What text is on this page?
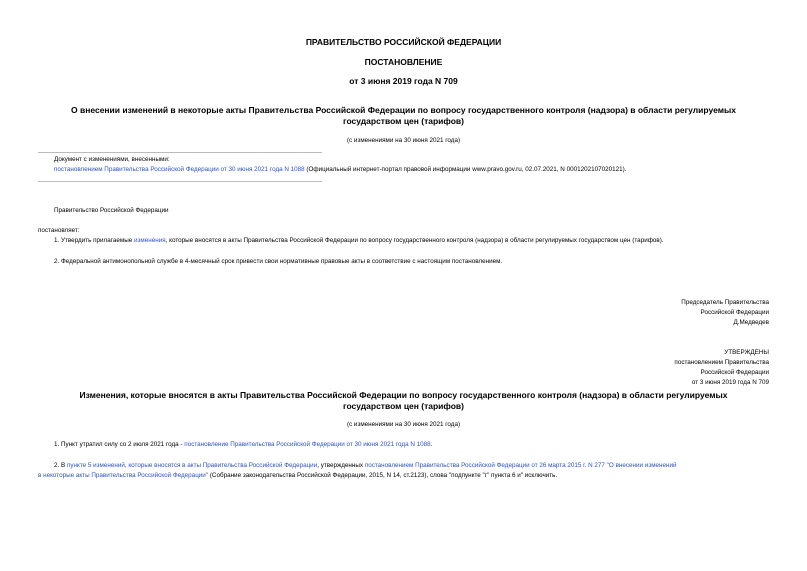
ПРАВИТЕЛЬСТВО РОССИЙСКОЙ ФЕДЕРАЦИИ
ПОСТАНОВЛЕНИЕ
от 3 июня 2019 года N 709
О внесении изменений в некоторые акты Правительства Российской Федерации по вопросу государственного контроля (надзора) в области регулируемых
государством цен (тарифов)
(с изменениями на 30 июня 2021 года)
Документ с изменениями, внесенными:
постановлением Правительства Российской Федерации от 30 июня 2021 года N 1088 (Официальный интернет-портал правовой информации www.pravo.gov.ru, 02.07.2021, N 0001202107020121).
Правительство Российской Федерации
постановляет:
1. Утвердить прилагаемые изменения, которые вносятся в акты Правительства Российской Федерации по вопросу государственного контроля (надзора) в области регулируемых государством цен (тарифов).
2. Федеральной антимонопольной службе в 4-месячный срок привести свои нормативные правовые акты в соответствие с настоящим постановлением.
Председатель Правительства
Российской Федерации
Д.Медведев
УТВЕРЖДЕНЫ
постановлением Правительства
Российской Федерации
от 3 июня 2019 года N 709
Изменения, которые вносятся в акты Правительства Российской Федерации по вопросу государственного контроля (надзора) в области регулируемых
государством цен (тарифов)
(с изменениями на 30 июня 2021 года)
1. Пункт утратил силу со 2 июля 2021 года - постановление Правительства Российской Федерации от 30 июня 2021 года N 1088.
2. В пункте 5 изменений, которые вносятся в акты Правительства Российской Федерации, утвержденных постановлением Правительства Российской Федерации от 26 марта 2015 г. N 277 "О внесении изменений
в некоторые акты Правительства Российской Федерации" (Собрание законодательства Российской Федерации, 2015, N 14, ст.2123), слова "подпункте "г" пункта 6 и" исключить.
